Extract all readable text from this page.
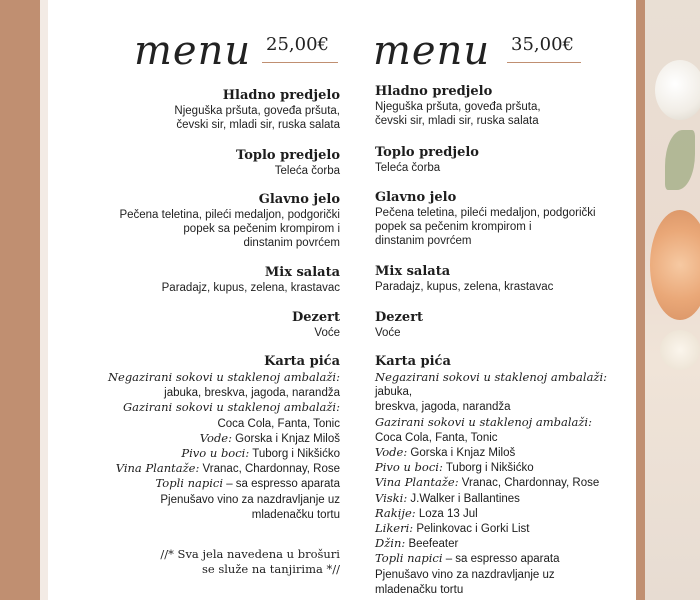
menu 25,00€
Hladno predjelo
Njeguška pršuta, goveđa pršuta,
čevski sir, mladi sir, ruska salata
Toplo predjelo
Teleća čorba
Glavno jelo
Pečena teletina, pileći medaljon, podgorički
popek sa pečenim krompirom i
dinstanim povrćem
Mix salata
Paradajz, kupus, zelena, krastavac
Dezert
Voće
Karta pića
Negazirani sokovi u staklenoj ambalaži:
jabuka, breskva, jagoda, narandža
Gazirani sokovi u staklenoj ambalaži:
Coca Cola, Fanta, Tonic
Vode: Gorska i Knjaz Miloš
Pivo u boci: Tuborg i Nikšićko
Vina Plantaže: Vranac, Chardonnay, Rose
Topli napici – sa espresso aparata
Pjenušavo vino za nazdravljanje uz
mladenačku tortu
//* Sva jela navedena u brošuri
se služe na tanjirima *//
menu 35,00€
Hladno predjelo
Njeguška pršuta, goveđa pršuta,
čevski sir, mladi sir, ruska salata
Toplo predjelo
Teleća čorba
Glavno jelo
Pečena teletina, pileći medaljon, podgorički
popek sa pečenim krompirom i
dinstanim povrćem
Mix salata
Paradajz, kupus, zelena, krastavac
Dezert
Voće
Karta pića
Negazirani sokovi u staklenoj ambalaži: jabuka,
breskva, jagoda, narandža
Gazirani sokovi u staklenoj ambalaži:
Coca Cola, Fanta, Tonic
Vode: Gorska i Knjaz Miloš
Pivo u boci: Tuborg i Nikšićko
Vina Plantaže: Vranac, Chardonnay, Rose
Viski: J.Walker i Ballantines
Rakije: Loza 13 Jul
Likeri: Pelinkovac i Gorki List
Džin: Beefeater
Topli napici – sa espresso aparata
Pjenušavo vino za nazdravljanje uz
mladenačku tortu
